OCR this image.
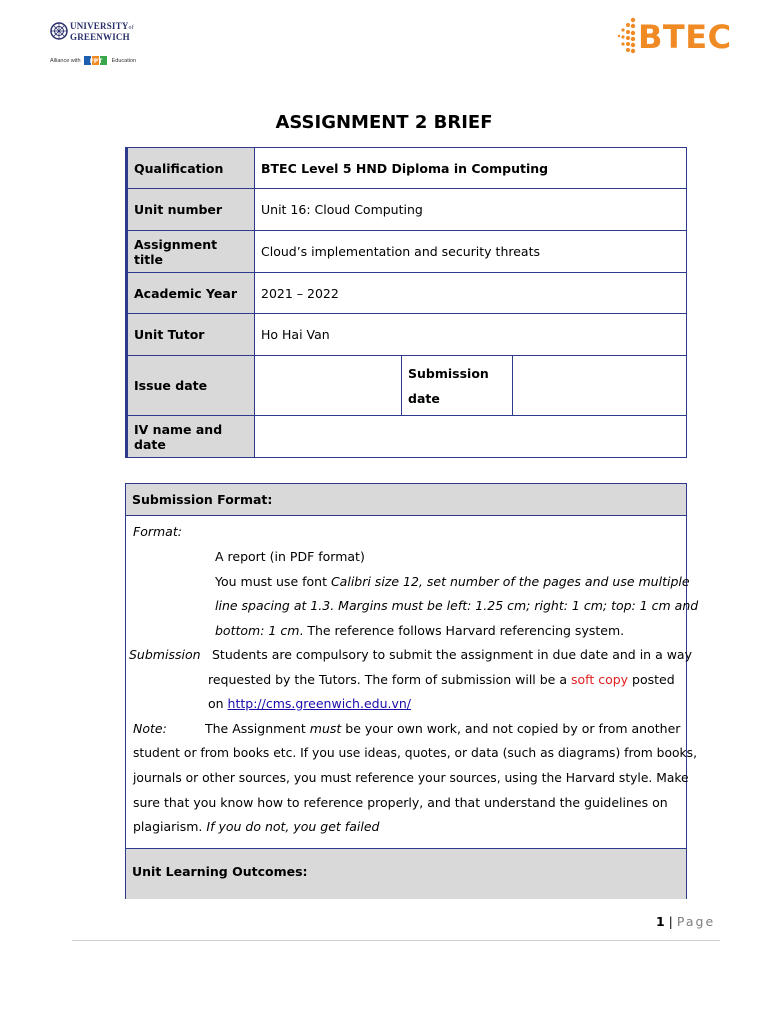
UNIVERSITYof
GREENWICH
Alliance with FPT Education
BTEC
ASSIGNMENT 2 BRIEF
Qualification	BTEC Level 5 HND Diploma in Computing		
Unit number	Unit 16: Cloud Computing		
Assignment title	Cloud’s implementation and security threats		
Academic Year	2021 – 2022		
Unit Tutor	Ho Hai Van		
Issue date		Submission
date	
IV name and date			
Submission Format:
Format:
A report (in PDF format)
You must use font Calibri size 12, set number of the pages and use multiple
line spacing at 1.3. Margins must be left: 1.25 cm; right: 1 cm; top: 1 cm and
bottom: 1 cm. The reference follows Harvard referencing system.
Submission Students are compulsory to submit the assignment in due date and in a way
requested by the Tutors. The form of submission will be a soft copy posted
on http://cms.greenwich.edu.vn/
Note:	The Assignment must be your own work, and not copied by or from another
student or from books etc. If you use ideas, quotes, or data (such as diagrams) from books,
journals or other sources, you must reference your sources, using the Harvard style. Make
sure that you know how to reference properly, and that understand the guidelines on
plagiarism. If you do not, you get failed
Unit Learning Outcomes:
1 | Page
